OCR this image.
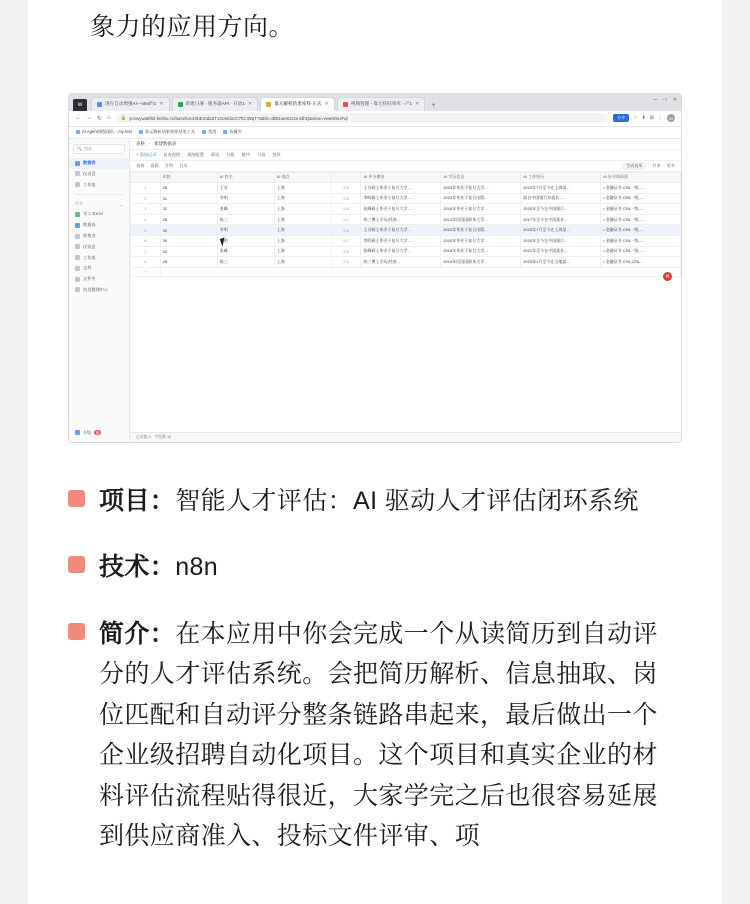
象力的应用方向。

w	现在自动增强AI—n8n的1 ✕	新建日薄 · 服务器API · 开放1 ✕	靠元解析结果库样·正式 ✕	视频管理 - 靠元样结果库 - 产1 ✕	+
— □ ✕
← → ↻ ⌂ 🔒 ycnwywa9f02.feishu.cn/base/Ue4XbEXtdaZT13cWdocC7fCnWqT?table=tbl8Lwe61sze43hQ&view=vewN0eJFql	分享	☆ ⬇ ⊞ ⋮	M
AI Agent课程团队 - my test	靠元解析结果库样结果工具	常用	收藏夹
🔍 搜索
数据表
仪表盘
工作流
所有	⌄
导入 Excel
数据表
收集表
仪表盘
工作流
文档
文件夹
消息整理中心
升级	新
表格 · 新建数据表
+ 添加记录 仪表视图 视图配置 筛选 分组 排序 行高 色块
表格 看板 甘特 日历	生成表单	共享 更多
	年龄	AI 姓名	AI 地点		AI 评分理由	AI 学历信息	AI 工作经历	AI 证书和资质
1	28	王芳	上海	9.3	王芳硕士毕业于复旦大学,...	2023年毕业于复旦大学,...	2023年7月至今在上海某...	• 金融证书 CFA一级,...
2	31	李明	上海	9.8	李明硕士毕业于复旦大学...	2023年毕业于复旦出版...	取自中国银行业就业...	• 金融证书 CFA一级,...
3	32	张峰	上海	9.5	张峰硕士毕业于复旦大学...	2018年毕业于复旦大学...	2020年至今在中国银行...	• 金融证书 CFA一级,...
4	28	陈三	上海	9.1	陈三博士学历(经查...	2013年回国国职务大学...	2017年至今在中国某业...	• 金融证书 CFA一级,...
5	30	李明	上海	9.3	王芳硕士毕业于复旦大学...	2023年毕业于复旦出版...	2023年7月至今在上海某...	• 金融证书 CFA一级,...
6	30	李明	上海	9.7	李明硕士毕业于复旦大学...	2020年毕业于复旦大学...	2020年至今在中国银行...	• 金融证书 CFA一级,...
7	32	张峰	上海	9.5	张峰硕士毕业于复旦大学...	2018年毕业于复旦大学...	2021年至今在中国某业...	• 金融证书 CFA一级,...
8	28	陈三	上海	9.3	陈三博士学历(经查...	2019年回国国职务大学...	2023年1月至今在当地某...	• 金融证书 CFA,CFA...
+								
记录数 8 字段数 10
✕
项目：智能人才评估：AI 驱动人才评估闭环系统
技术：n8n
简介：在本应用中你会完成一个从读简历到自动评分的人才评估系统。会把简历解析、信息抽取、岗位匹配和自动评分整条链路串起来，最后做出一个企业级招聘自动化项目。这个项目和真实企业的材料评估流程贴得很近，大家学完之后也很容易延展到供应商准入、投标文件评审、项
